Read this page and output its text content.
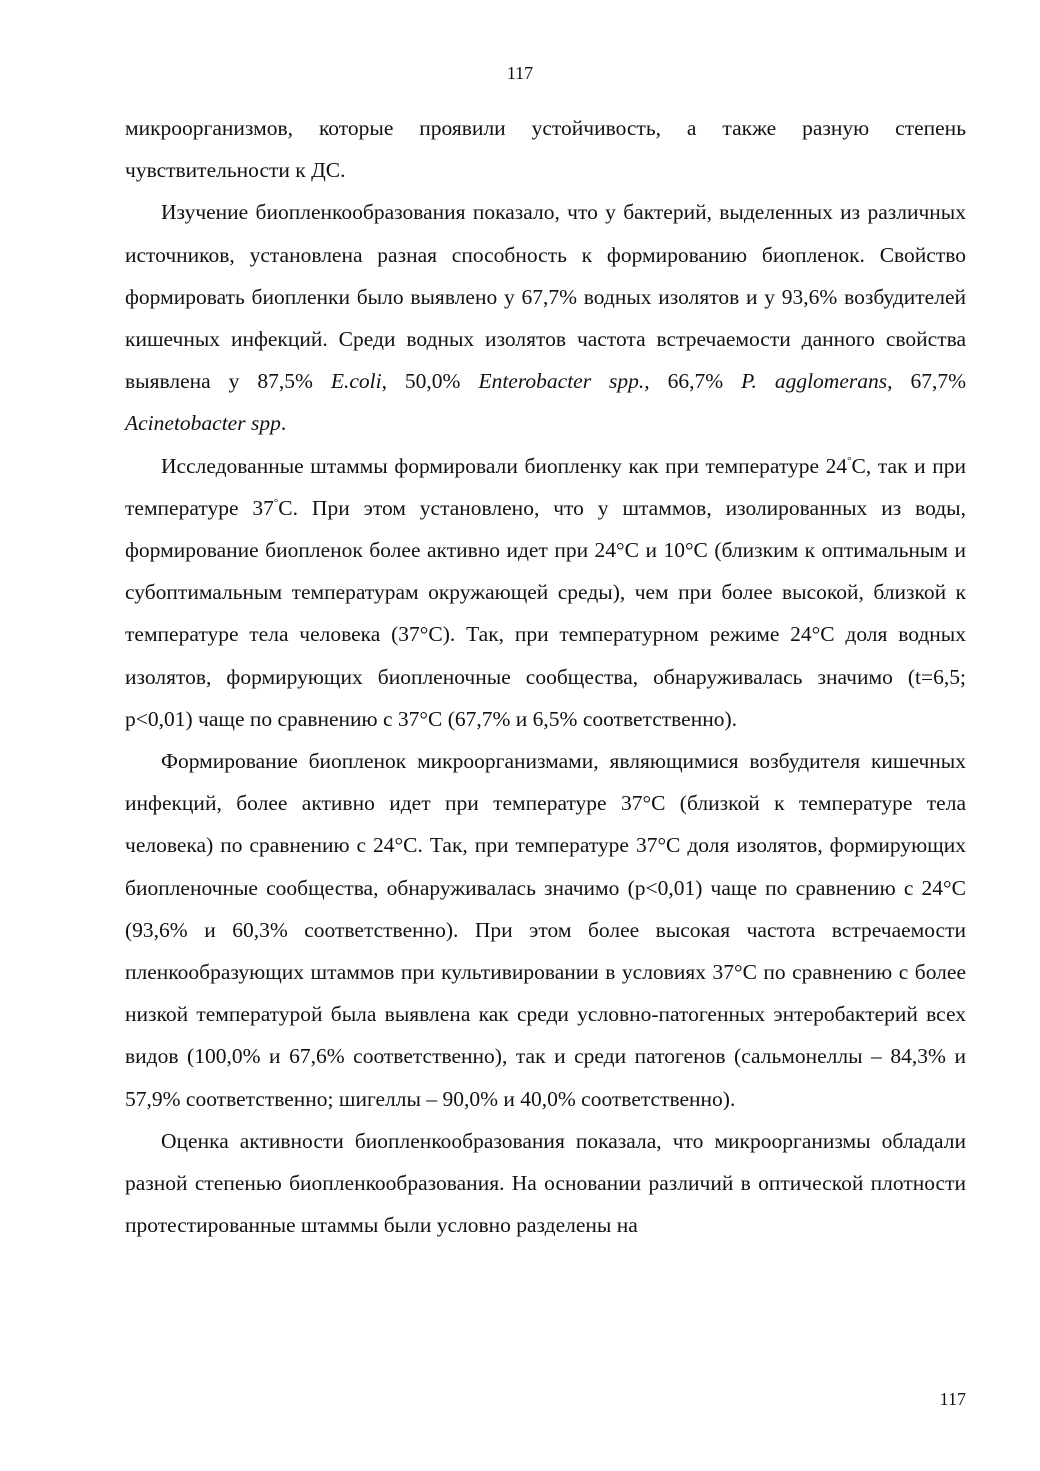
117

микроорганизмов, которые проявили устойчивость, а также разную степень чувствительности к ДС.

Изучение биопленкообразования показало, что у бактерий, выделенных из различных источников, установлена разная способность к формированию биопленок. Свойство формировать биопленки было выявлено у 67,7% водных изолятов и у 93,6% возбудителей кишечных инфекций. Среди водных изолятов частота встречаемости данного свойства выявлена у 87,5% E.coli, 50,0% Enterobacter spp., 66,7% P. agglomerans, 67,7% Acinetobacter spp.

Исследованные штаммы формировали биопленку как при температуре 24°С, так и при температуре 37°С. При этом установлено, что у штаммов, изолированных из воды, формирование биопленок более активно идет при 24°С и 10°С (близким к оптимальным и субоптимальным температурам окружающей среды), чем при более высокой, близкой к температуре тела человека (37°С). Так, при температурном режиме 24°С доля водных изолятов, формирующих биопленочные сообщества, обнаруживалась значимо (t=6,5; p<0,01) чаще по сравнению с 37°С (67,7% и 6,5% соответственно).

Формирование биопленок микроорганизмами, являющимися возбудителя кишечных инфекций, более активно идет при температуре 37°С (близкой к температуре тела человека) по сравнению с 24°С. Так, при температуре 37°С доля изолятов, формирующих биопленочные сообщества, обнаруживалась значимо (p<0,01) чаще по сравнению с 24°С (93,6% и 60,3% соответственно). При этом более высокая частота встречаемости пленкообразующих штаммов при культивировании в условиях 37°С по сравнению с более низкой температурой была выявлена как среди условно-патогенных энтеробактерий всех видов (100,0% и 67,6% соответственно), так и среди патогенов (сальмонеллы – 84,3% и 57,9% соответственно; шигеллы – 90,0% и 40,0% соответственно).

Оценка активности биопленкообразования показала, что микроорганизмы обладали разной степенью биопленкообразования. На основании различий в оптической плотности протестированные штаммы были условно разделены на

117
